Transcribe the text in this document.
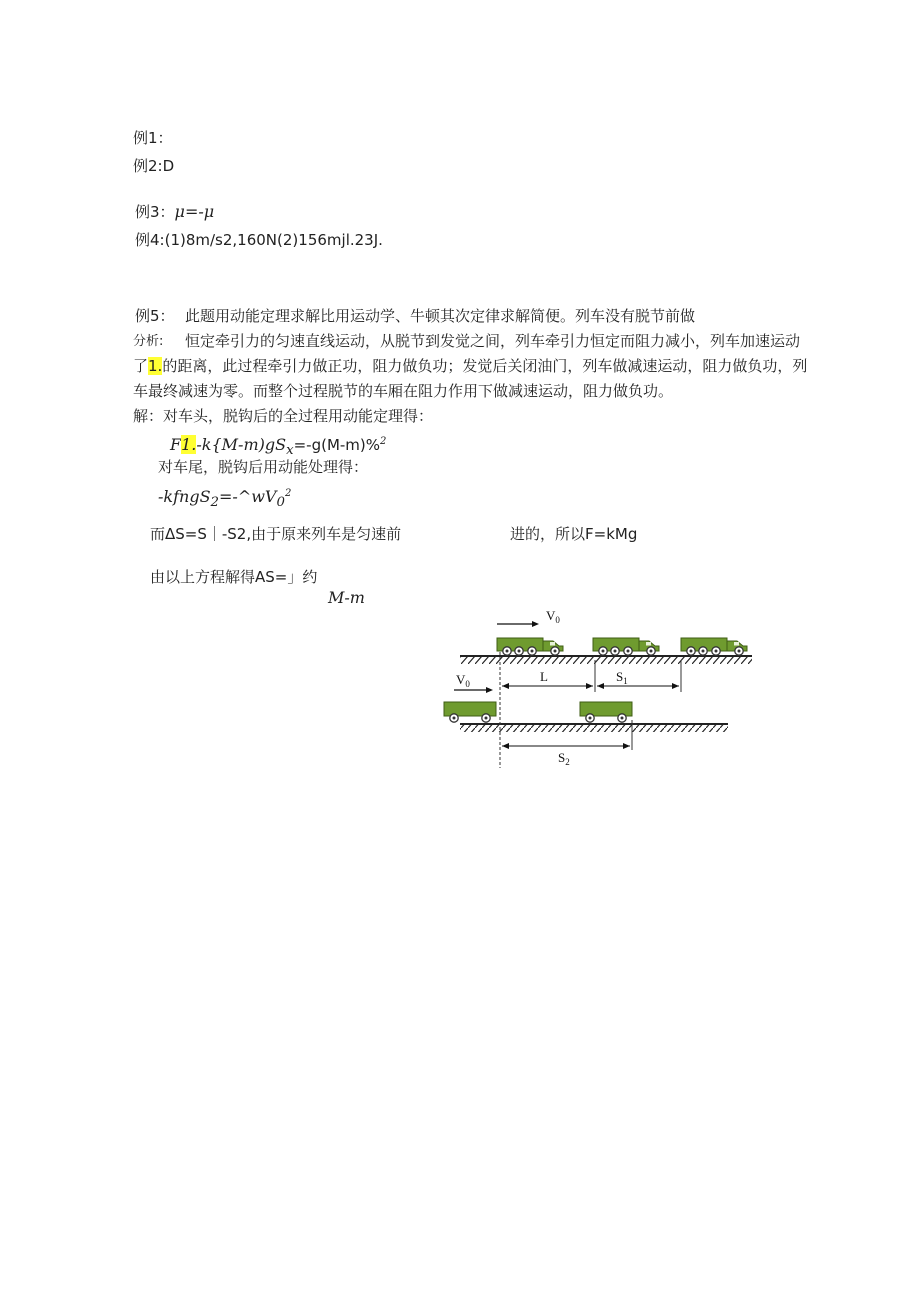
例1：
例2:D
例3：μ=-μ
例4:(1)8m∕s2,160N(2)156mjl.23J.
例5： 此题用动能定理求解比用运动学、牛顿其次定律求解简便。列车没有脱节前做
分析: 恒定牵引力的匀速直线运动，从脱节到发觉之间，列车牵引力恒定而阻力减小，列车加速运动
了1.的距离，此过程牵引力做正功，阻力做负功；发觉后关闭油门，列车做减速运动，阻力做负功，列
车最终减速为零。而整个过程脱节的车厢在阻力作用下做减速运动，阻力做负功。
解：对车头，脱钩后的全过程用动能定理得：
$F1.-k\{M-m)gS_x=-g(M-m)\%^2$
对车尾，脱钩后用动能处理得：
$-kfngS_2=-\^{}wV_0^2$
而ΔS=S｜-S2,由于原来列车是匀速前	进的，所以F=kMg
由以上方程解得AS=」约
M-m
$V_0$
$V_0$	L	$S_1$
$S_2$
